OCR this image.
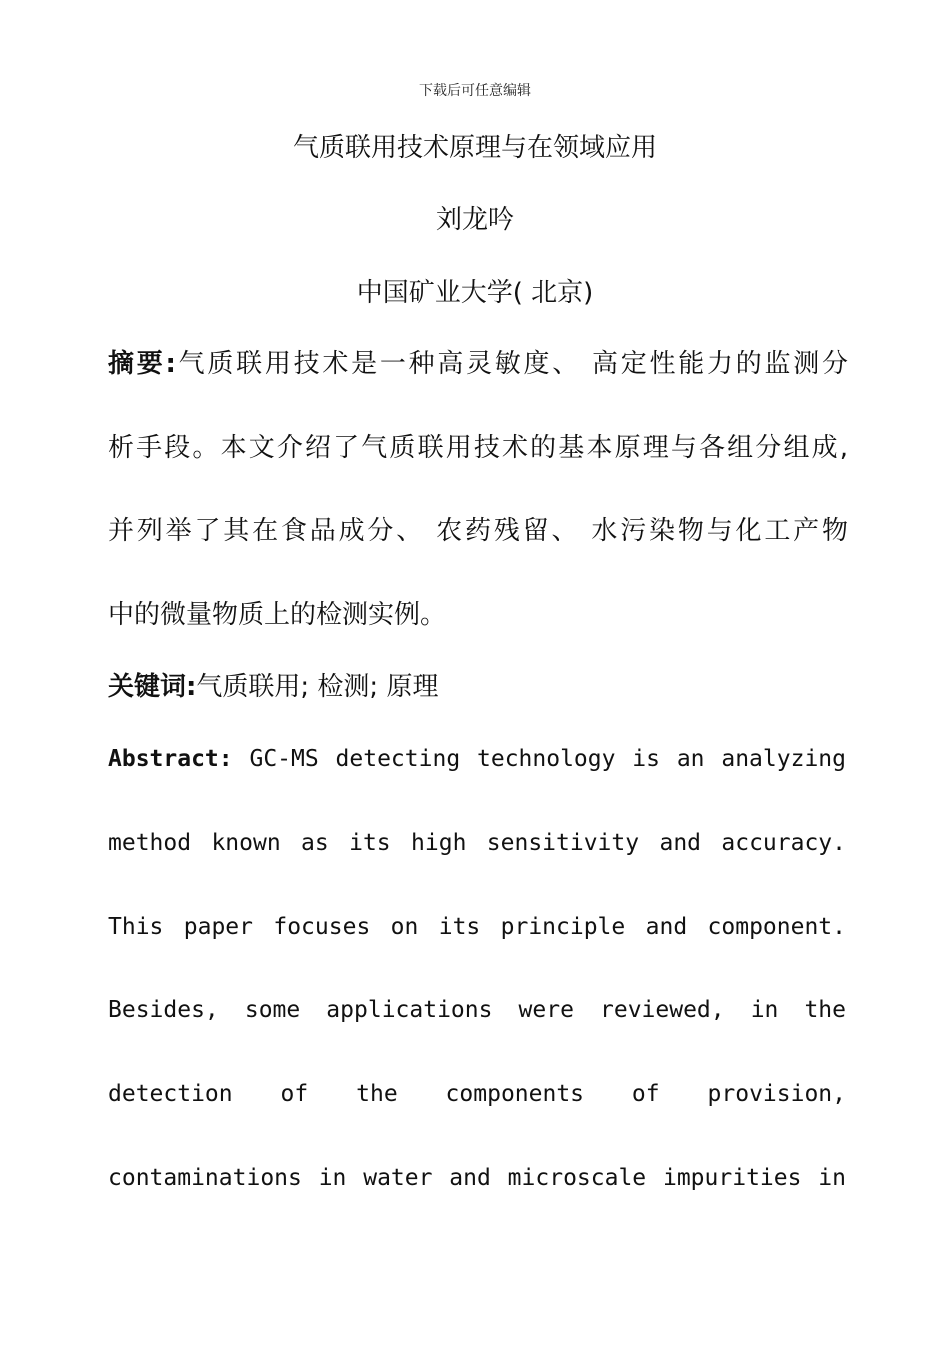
下载后可任意编辑
气质联用技术原理与在领域应用
刘龙吟
中国矿业大学( 北京)
摘要:气质联用技术是一种高灵敏度、 高定性能力的监测分
析手段。本文介绍了气质联用技术的基本原理与各组分组成,
并列举了其在食品成分、 农药残留、 水污染物与化工产物
中的微量物质上的检测实例。
关键词:气质联用; 检测; 原理
Abstract: GC-MS detecting technology is an analyzing
method known as its high sensitivity and accuracy.
This paper focuses on its principle and component.
Besides, some applications were reviewed, in the
detection of the components of provision,
contaminations in water and microscale impurities in
